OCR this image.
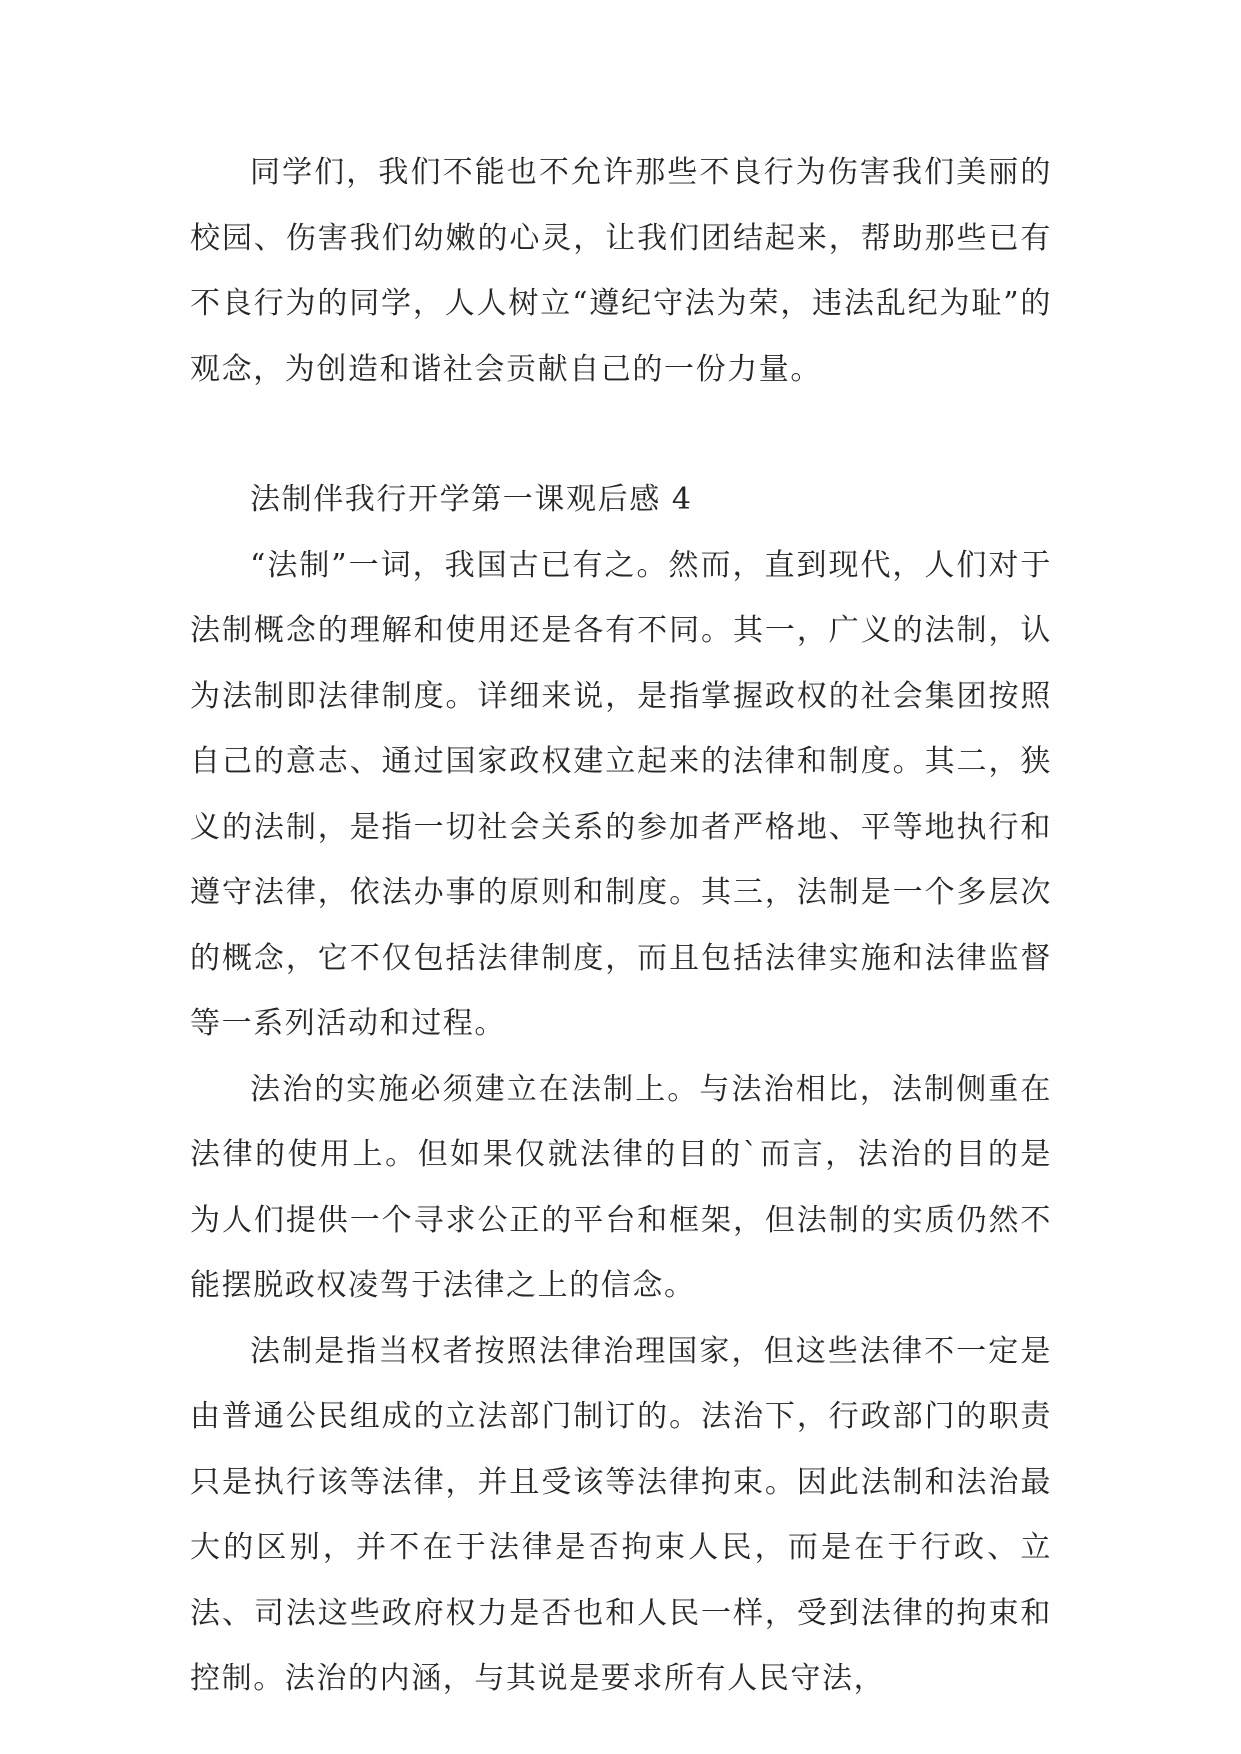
同学们，我们不能也不允许那些不良行为伤害我们美丽的校园、伤害我们幼嫩的心灵，让我们团结起来，帮助那些已有不良行为的同学，人人树立“遵纪守法为荣，违法乱纪为耻”的观念，为创造和谐社会贡献自己的一份力量。

法制伴我行开学第一课观后感 4

“法制”一词，我国古已有之。然而，直到现代，人们对于法制概念的理解和使用还是各有不同。其一，广义的法制，认为法制即法律制度。详细来说，是指掌握政权的社会集团按照自己的意志、通过国家政权建立起来的法律和制度。其二，狭义的法制，是指一切社会关系的参加者严格地、平等地执行和遵守法律，依法办事的原则和制度。其三，法制是一个多层次的概念，它不仅包括法律制度，而且包括法律实施和法律监督等一系列活动和过程。

法治的实施必须建立在法制上。与法治相比，法制侧重在法律的使用上。但如果仅就法律的目的`而言，法治的目的是为人们提供一个寻求公正的平台和框架，但法制的实质仍然不能摆脱政权凌驾于法律之上的信念。

法制是指当权者按照法律治理国家，但这些法律不一定是由普通公民组成的立法部门制订的。法治下，行政部门的职责只是执行该等法律，并且受该等法律拘束。因此法制和法治最大的区别，并不在于法律是否拘束人民，而是在于行政、立法、司法这些政府权力是否也和人民一样，受到法律的拘束和控制。法治的内涵，与其说是要求所有人民守法，
